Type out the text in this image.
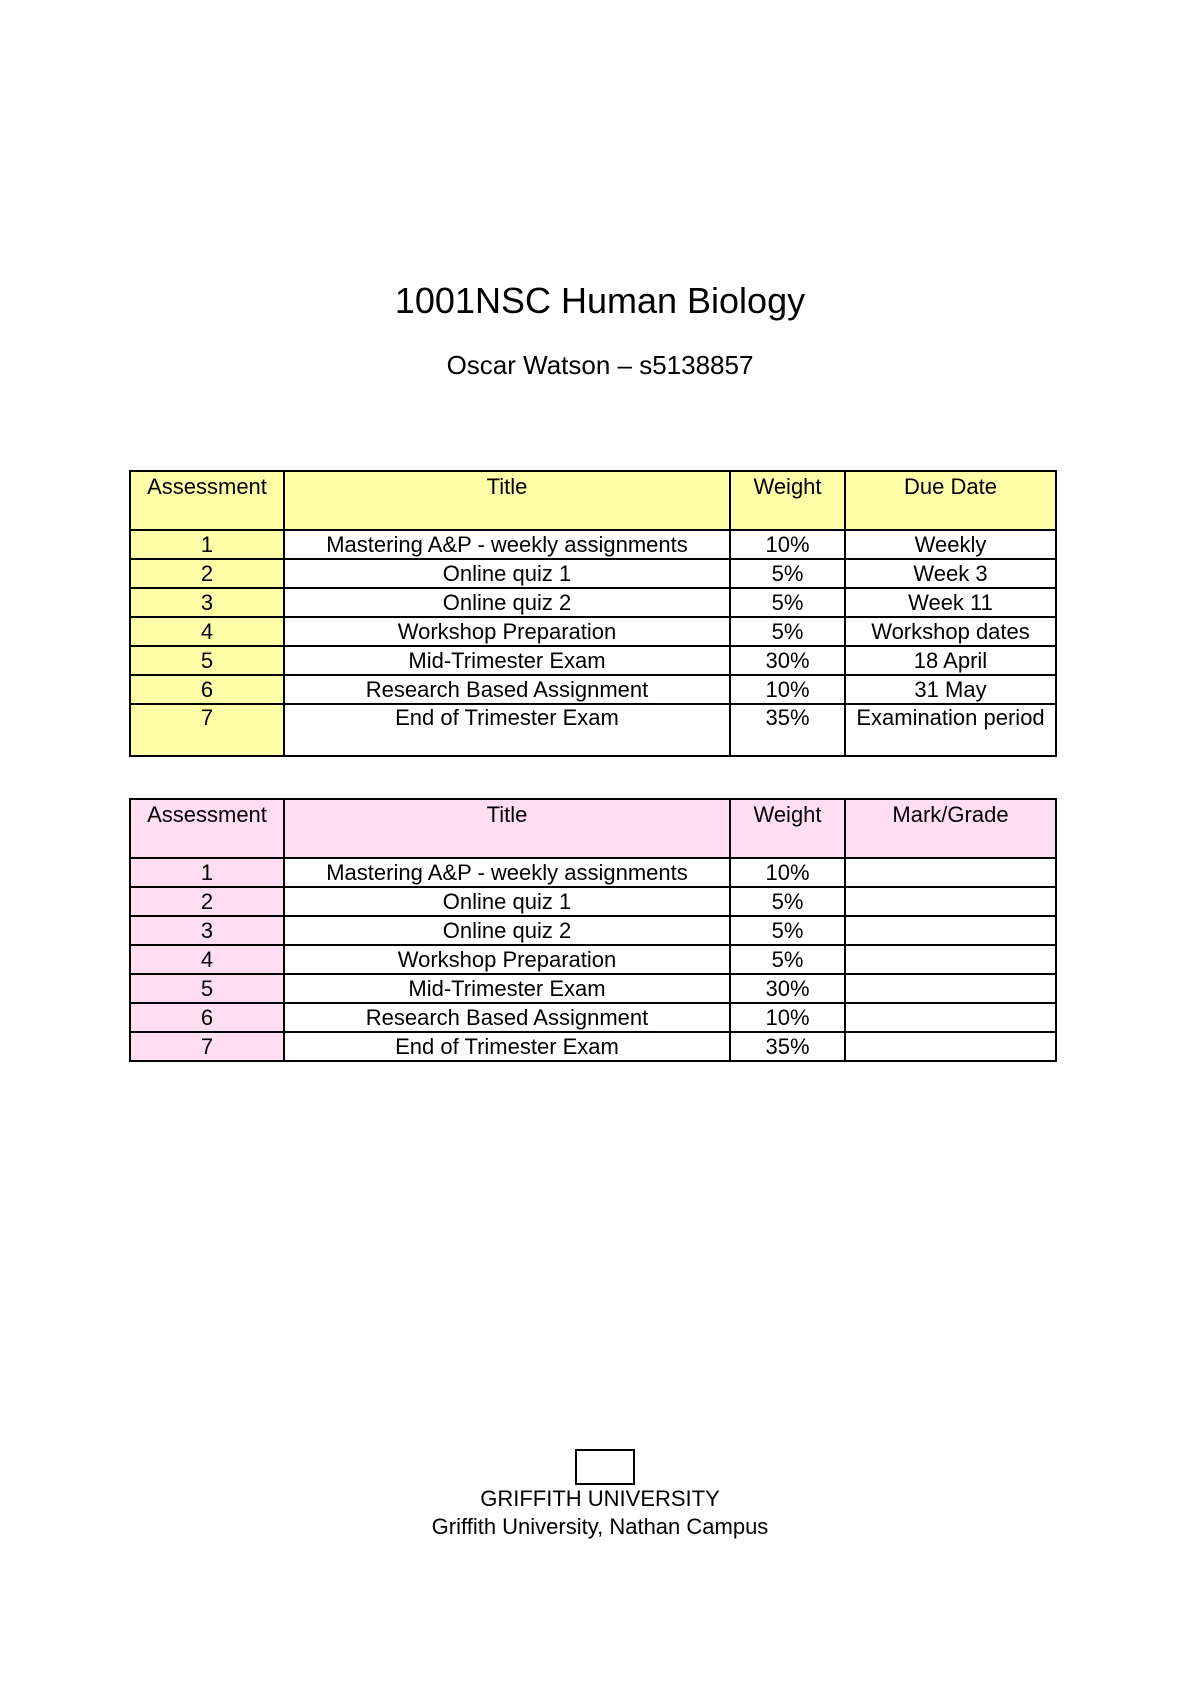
1001NSC Human Biology
Oscar Watson – s5138857
Assessment	Title	Weight	Due Date
1	Mastering A&P - weekly assignments	10%	Weekly
2	Online quiz 1	5%	Week 3
3	Online quiz 2	5%	Week 11
4	Workshop Preparation	5%	Workshop dates
5	Mid-Trimester Exam	30%	18 April
6	Research Based Assignment	10%	31 May
7	End of Trimester Exam	35%	Examination period
Assessment	Title	Weight	Mark/Grade
1	Mastering A&P - weekly assignments	10%	
2	Online quiz 1	5%	
3	Online quiz 2	5%	
4	Workshop Preparation	5%	
5	Mid-Trimester Exam	30%	
6	Research Based Assignment	10%	
7	End of Trimester Exam	35%	
GRIFFITH UNIVERSITY
Griffith University, Nathan Campus
